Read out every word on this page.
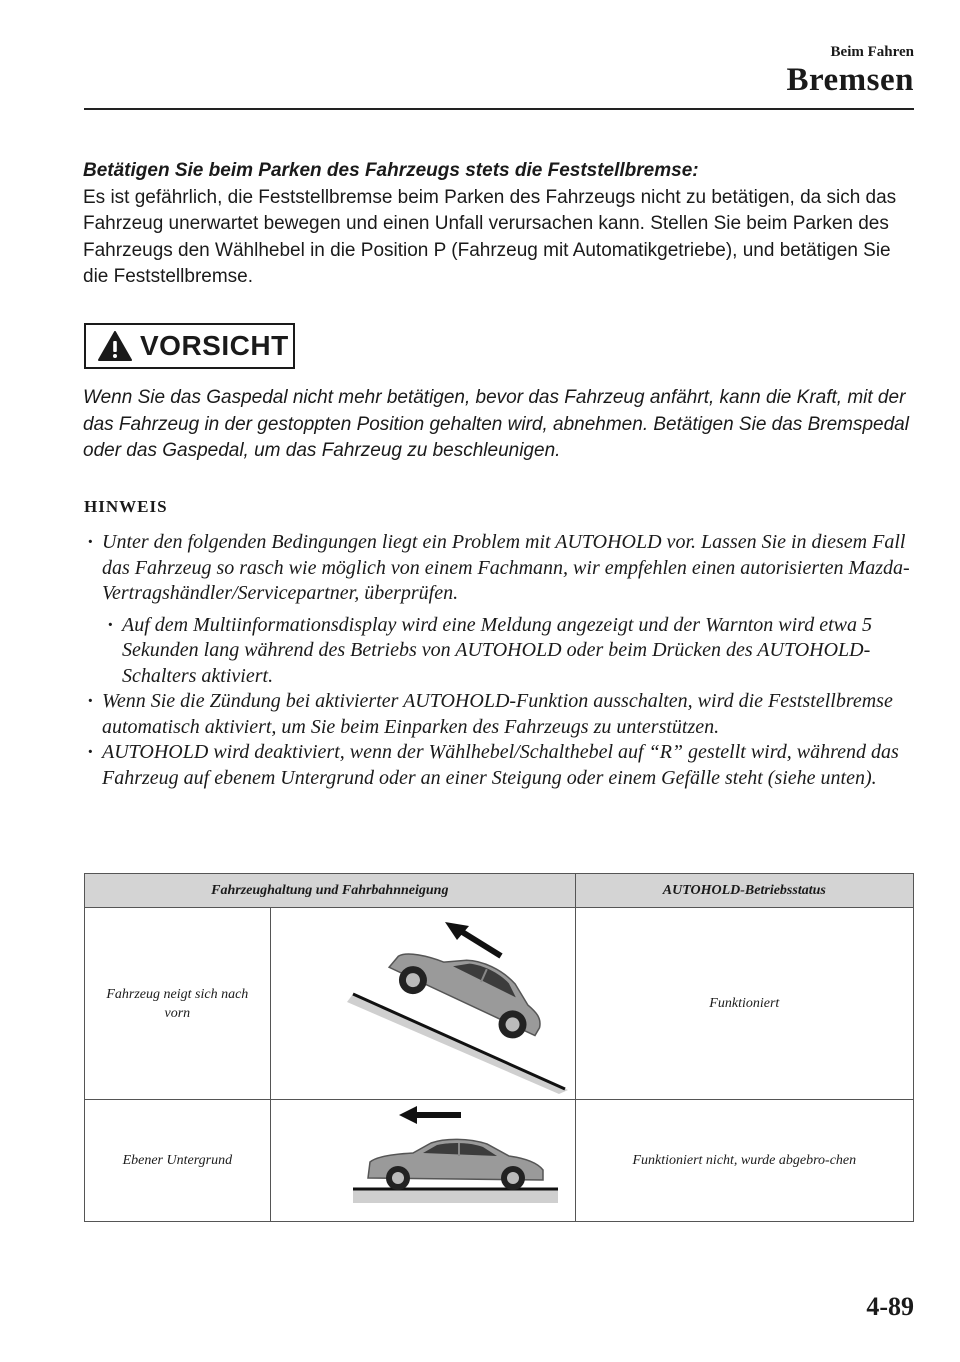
Beim Fahren
Bremsen
Betätigen Sie beim Parken des Fahrzeugs stets die Feststellbremse:
Es ist gefährlich, die Feststellbremse beim Parken des Fahrzeugs nicht zu betätigen, da sich das Fahrzeug unerwartet bewegen und einen Unfall verursachen kann. Stellen Sie beim Parken des Fahrzeugs den Wählhebel in die Position P (Fahrzeug mit Automatikgetriebe), und betätigen Sie die Feststellbremse.
VORSICHT
Wenn Sie das Gaspedal nicht mehr betätigen, bevor das Fahrzeug anfährt, kann die Kraft, mit der das Fahrzeug in der gestoppten Position gehalten wird, abnehmen. Betätigen Sie das Bremspedal oder das Gaspedal, um das Fahrzeug zu beschleunigen.
HINWEIS
· Unter den folgenden Bedingungen liegt ein Problem mit AUTOHOLD vor. Lassen Sie in diesem Fall das Fahrzeug so rasch wie möglich von einem Fachmann, wir empfehlen einen autorisierten Mazda-Vertragshändler/Servicepartner, überprüfen.
· Auf dem Multiinformationsdisplay wird eine Meldung angezeigt und der Warnton wird etwa 5 Sekunden lang während des Betriebs von AUTOHOLD oder beim Drücken des AUTOHOLD-Schalters aktiviert.
· Wenn Sie die Zündung bei aktivierter AUTOHOLD-Funktion ausschalten, wird die Feststellbremse automatisch aktiviert, um Sie beim Einparken des Fahrzeugs zu unterstützen.
· AUTOHOLD wird deaktiviert, wenn der Wählhebel/Schalthebel auf “R” gestellt wird, während das Fahrzeug auf ebenem Untergrund oder an einer Steigung oder einem Gefälle steht (siehe unten).
Fahrzeughaltung und Fahrbahnneigung		AUTOHOLD-Betriebsstatus
Fahrzeug neigt sich nach vorn		Funktioniert
Ebener Untergrund		Funktioniert nicht, wurde abgebro-chen
4-89
